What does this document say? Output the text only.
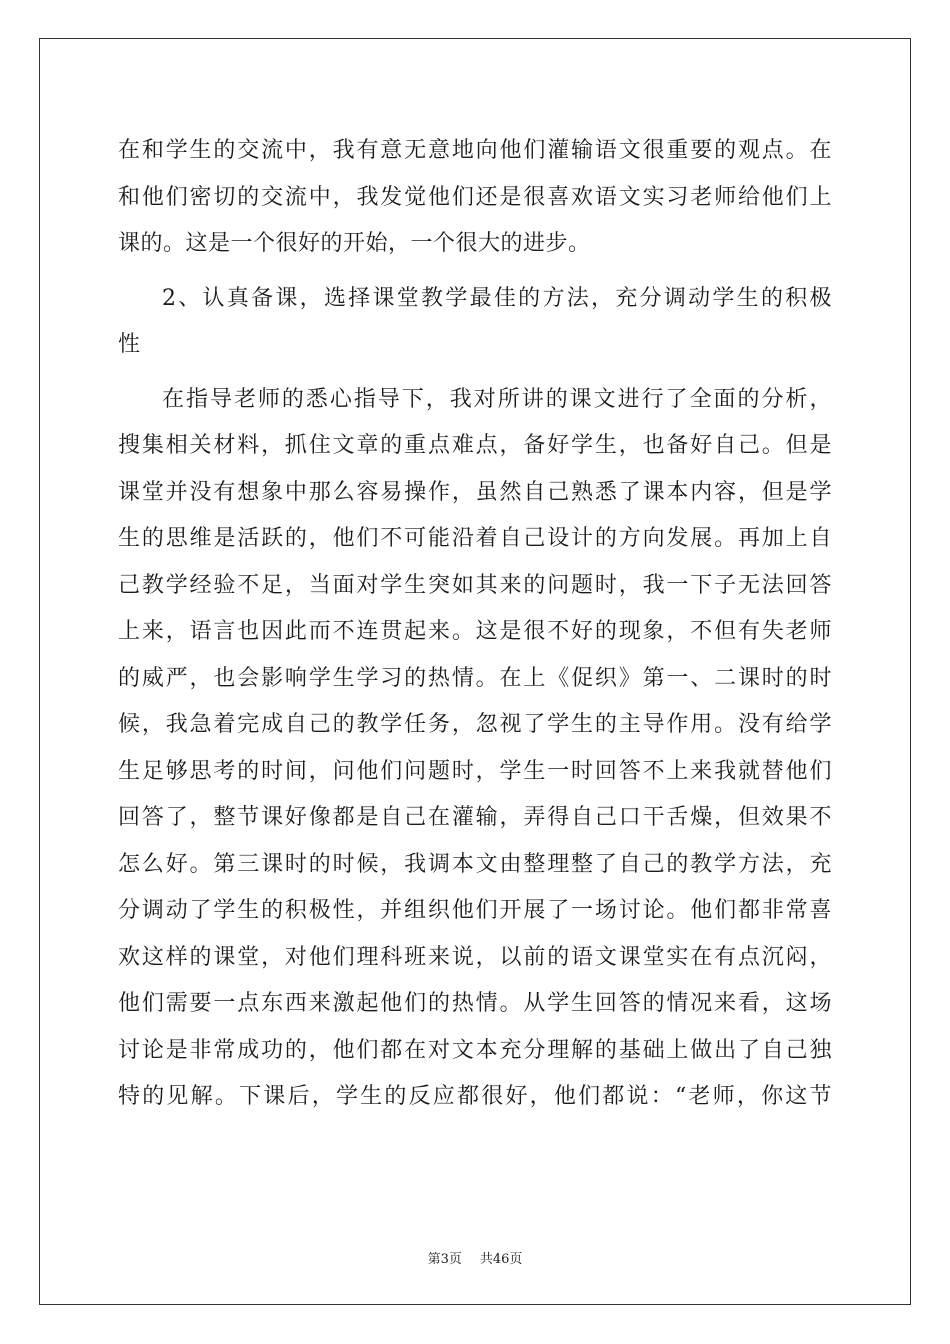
在和学生的交流中，我有意无意地向他们灌输语文很重要的观点。在
和他们密切的交流中，我发觉他们还是很喜欢语文实习老师给他们上
课的。这是一个很好的开始，一个很大的进步。
2、认真备课，选择课堂教学最佳的方法，充分调动学生的积极
性
在指导老师的悉心指导下，我对所讲的课文进行了全面的分析，
搜集相关材料，抓住文章的重点难点，备好学生，也备好自己。但是
课堂并没有想象中那么容易操作，虽然自己熟悉了课本内容，但是学
生的思维是活跃的，他们不可能沿着自己设计的方向发展。再加上自
己教学经验不足，当面对学生突如其来的问题时，我一下子无法回答
上来，语言也因此而不连贯起来。这是很不好的现象，不但有失老师
的威严，也会影响学生学习的热情。在上《促织》第一、二课时的时
候，我急着完成自己的教学任务，忽视了学生的主导作用。没有给学
生足够思考的时间，问他们问题时，学生一时回答不上来我就替他们
回答了，整节课好像都是自己在灌输，弄得自己口干舌燥，但效果不
怎么好。第三课时的时候，我调本文由整理整了自己的教学方法，充
分调动了学生的积极性，并组织他们开展了一场讨论。他们都非常喜
欢这样的课堂，对他们理科班来说，以前的语文课堂实在有点沉闷，
他们需要一点东西来激起他们的热情。从学生回答的情况来看，这场
讨论是非常成功的，他们都在对文本充分理解的基础上做出了自己独
特的见解。下课后，学生的反应都很好，他们都说：“老师，你这节
第3页 共46页
